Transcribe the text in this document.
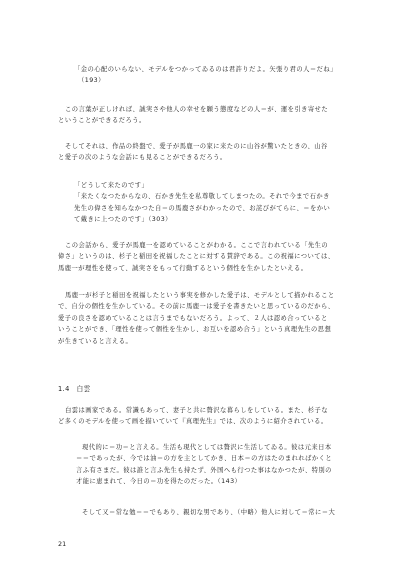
「金の心配のいらない、モデルをつかってゐるのは君許りだよ。矢張り君の人＝だね」
（193）
この言葉が正しければ、誠実さや他人の幸せを願う態度などの人＝が、運を引き寄せた
ということができるだろう。
そしてそれは、作品の終盤で、愛子が馬鹿一の家に来たのに山谷が驚いたときの、山谷
と愛子の次のような会話にも見ることができるだろう。
「どうして来たのです」
「来たくなつたからなの、石かき先生を私尊敬してしまつたの。それで今まで石かき
先生の偉さを知らなかつた自＝の馬鹿さがわかったので、お詫びがてらに、＝をかい
て戴きに上つたのです」（303）
この会話から、愛子が馬鹿一を認めていることがわかる。ここで言われている「先生の
偉さ」というのは、杉子と稲田を祝福したことに対する賛辞である。この祝福については、
馬鹿一が理性を使って、誠実さをもって行動するという個性を生かしたといえる。
馬鹿一が杉子と稲田を祝福したという事実を修かした愛子は、モデルとして描かれること
で、自分の個性を生かしている。その前に馬鹿一は愛子を書きたいと思っているのだから、
愛子の良さを認めていることは言うまでもないだろう。よって、２人は認め合っていると
いうことができ、「理性を使って個性を生かし、お互いを認め合う」という真理先生の思想
が生きていると言える。
1.4　白雲
白雲は画家である。常識もあって、妻子と共に贅沢な暮らしをしている。また、杉子な
ど多くのモデルを使って画を描いていて『真理先生』では、次のように紹介されている。
現代的に＝功＝と言える。生活も現代としては贅沢に生活してゐる。彼は元来日本
＝＝であったが、今では油＝の方を主としてかき、日本＝の方はたのまれればかくと
言ふ有さまだ。彼は誰と言ふ先生も持たず、外国へも行つた事はなかつたが、特別の
才能に恵まれて、今日の＝功を得たのだった。（143）
そして又＝常な勉＝＝でもあり、親切な男であり、（中略）他人に対して＝常に＝大
21
